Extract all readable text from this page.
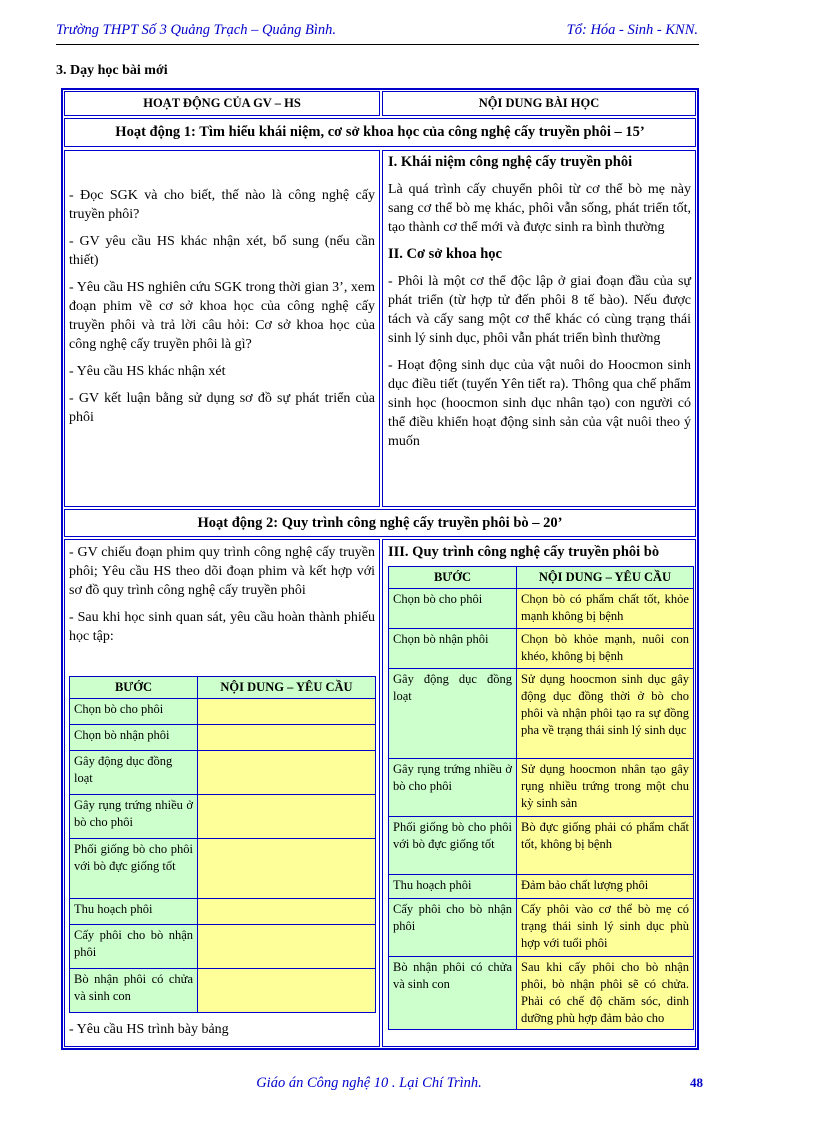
Trường THPT Số 3 Quảng Trạch – Quảng Bình.	Tổ: Hóa - Sinh - KNN.
3. Dạy học bài mới
HOẠT ĐỘNG CỦA GV – HS	NỘI DUNG BÀI HỌC
Hoạt động 1: Tìm hiểu khái niệm, cơ sở khoa học của công nghệ cấy truyền phôi – 15’

- Đọc SGK và cho biết, thế nào là công nghệ cấy truyền phôi?

- GV yêu cầu HS khác nhận xét, bổ sung (nếu cần thiết)

- Yêu cầu HS nghiên cứu SGK trong thời gian 3’, xem đoạn phim về cơ sở khoa học của công nghệ cấy truyền phôi và trả lời câu hỏi: Cơ sở khoa học của công nghệ cấy truyền phôi là gì?

- Yêu cầu HS khác nhận xét

- GV kết luận bằng sử dụng sơ đồ sự phát triển của phôi

I. Khái niệm công nghệ cấy truyền phôi

Là quá trình cấy chuyển phôi từ cơ thể bò mẹ này sang cơ thể bò mẹ khác, phôi vẫn sống, phát triển tốt, tạo thành cơ thể mới và được sinh ra bình thường

II. Cơ sở khoa học

- Phôi là một cơ thể độc lập ở giai đoạn đầu của sự phát triển (từ hợp tử đến phôi 8 tế bào). Nếu được tách và cấy sang một cơ thể khác có cùng trạng thái sinh lý sinh dục, phôi vẫn phát triển bình thường

- Hoạt động sinh dục của vật nuôi do Hoocmon sinh dục điều tiết (tuyến Yên tiết ra). Thông qua chế phẩm sinh học (hoocmon sinh dục nhân tạo) con người có thể điều khiển hoạt động sinh sản của vật nuôi theo ý muốn

Hoạt động 2: Quy trình công nghệ cấy truyền phôi bò – 20’

- GV chiếu đoạn phim quy trình công nghệ cấy truyền phôi; Yêu cầu HS theo dõi đoạn phim và kết hợp với sơ đồ quy trình công nghệ cấy truyền phôi

- Sau khi học sinh quan sát, yêu cầu hoàn thành phiếu học tập:

BƯỚC	NỘI DUNG – YÊU CẦU
Chọn bò cho phôi	
Chọn bò nhận phôi	
Gây động dục đồng loạt	
Gây rụng trứng nhiều ở bò cho phôi	
Phối giống bò cho phôi với bò đực giống tốt	
Thu hoạch phôi	
Cấy phôi cho bò nhận phôi	
Bò nhận phôi có chửa và sinh con	

- Yêu cầu HS trình bày bảng

III. Quy trình công nghệ cấy truyền phôi bò

BƯỚC	NỘI DUNG – YÊU CẦU
Chọn bò cho phôi	Chọn bò có phẩm chất tốt, khỏe mạnh không bị bệnh
Chọn bò nhận phôi	Chọn bò khỏe mạnh, nuôi con khéo, không bị bệnh
Gây động dục đồng loạt	Sử dụng hoocmon sinh dục gây động dục đồng thời ở bò cho phôi và nhận phôi tạo ra sự đồng pha về trạng thái sinh lý sinh dục
Gây rụng trứng nhiều ở bò cho phôi	Sử dụng hoocmon nhân tạo gây rụng nhiều trứng trong một chu kỳ sinh sản
Phối giống bò cho phôi với bò đực giống tốt	Bò đực giống phải có phẩm chất tốt, không bị bệnh
Thu hoạch phôi	Đảm bảo chất lượng phôi
Cấy phôi cho bò nhận phôi	Cấy phôi vào cơ thể bò mẹ có trạng thái sinh lý sinh dục phù hợp với tuổi phôi
Bò nhận phôi có chửa và sinh con	Sau khi cấy phôi cho bò nhận phôi, bò nhận phôi sẽ có chửa. Phải có chế độ chăm sóc, dinh dưỡng phù hợp đảm bảo cho
Giáo án Công nghệ 10 . Lại Chí Trình.	48
